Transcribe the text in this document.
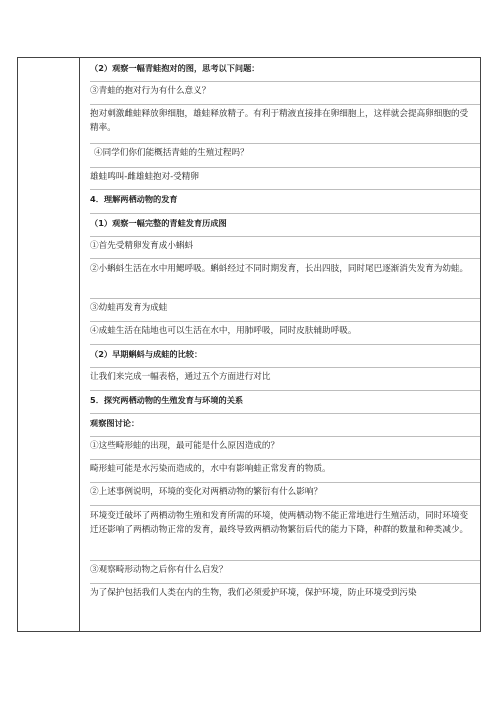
（2）观察一幅青蛙抱对的图，思考以下问题：
③青蛙的抱对行为有什么意义？
抱对刺激雌蛙释放卵细胞，雄蛙释放精子。有利于精液直接排在卵细胞上，这样就会提高卵细胞的受精率。
④同学们你们能概括青蛙的生殖过程吗？
雄蛙鸣叫-雌雄蛙抱对-受精卵
4．理解两栖动物的发育
（1）观察一幅完整的青蛙发育历成图
①首先受精卵发育成小蝌蚪
②小蝌蚪生活在水中用鳃呼吸。蝌蚪经过不同时期发育，长出四肢，同时尾巴逐渐消失发育为幼蛙。
③幼蛙再发育为成蛙
④成蛙生活在陆地也可以生活在水中，用肺呼吸，同时皮肤辅助呼吸。
（2）早期蝌蚪与成蛙的比较：
让我们来完成一幅表格，通过五个方面进行对比
5．探究两栖动物的生殖发育与环境的关系
观察图讨论：
①这些畸形蛙的出现，最可能是什么原因造成的？
畸形蛙可能是水污染而造成的，水中有影响蛙正常发育的物质。
②上述事例说明，环境的变化对两栖动物的繁衍有什么影响？
环境变迁破坏了两栖动物生殖和发育所需的环境，使两栖动物不能正常地进行生殖活动，同时环境变迁还影响了两栖动物正常的发育，最终导致两栖动物繁衍后代的能力下降，种群的数量和种类减少。
③观察畸形动物之后你有什么启发？
为了保护包括我们人类在内的生物，我们必须爱护环境，保护环境，防止环境受到污染
